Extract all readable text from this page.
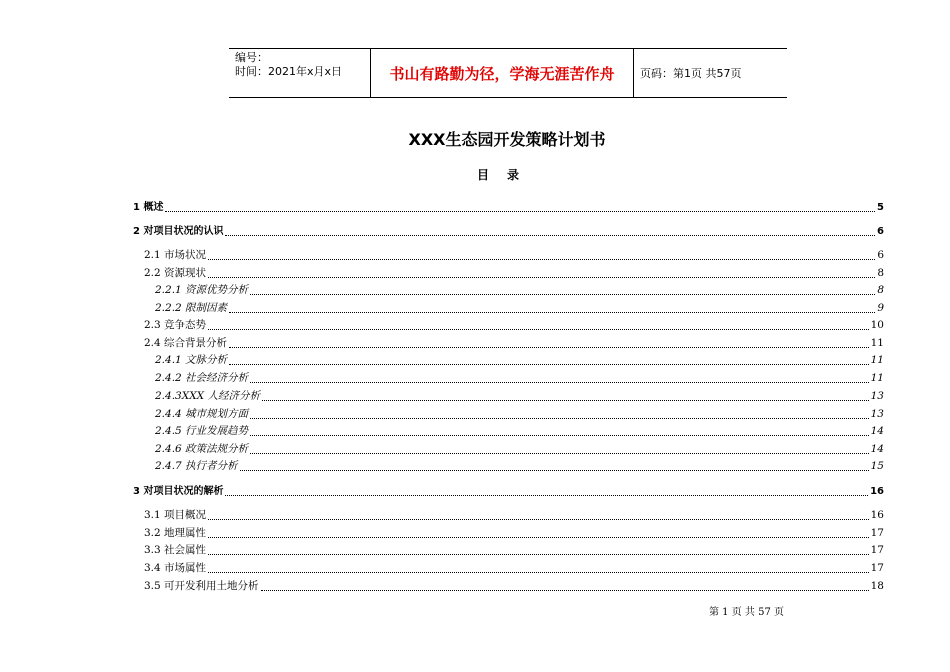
编号：
时间：2021年x月x日	书山有路勤为径，学海无涯苦作舟	页码：第1页 共57页
XXX生态园开发策略计划书
目录
1 概述	5
2 对项目状况的认识	6
2.1 市场状况	6
2.2 资源现状	8
2.2.1 资源优势分析	8
2.2.2 限制因素	9
2.3 竞争态势	10
2.4 综合背景分析	11
2.4.1 文脉分析	11
2.4.2 社会经济分析	11
2.4.3XXX 人经济分析	13
2.4.4 城市规划方面	13
2.4.5 行业发展趋势	14
2.4.6 政策法规分析	14
2.4.7 执行者分析	15
3 对项目状况的解析	16
3.1 项目概况	16
3.2 地理属性	17
3.3 社会属性	17
3.4 市场属性	17
3.5 可开发利用土地分析	18
第 1 页 共 57 页
